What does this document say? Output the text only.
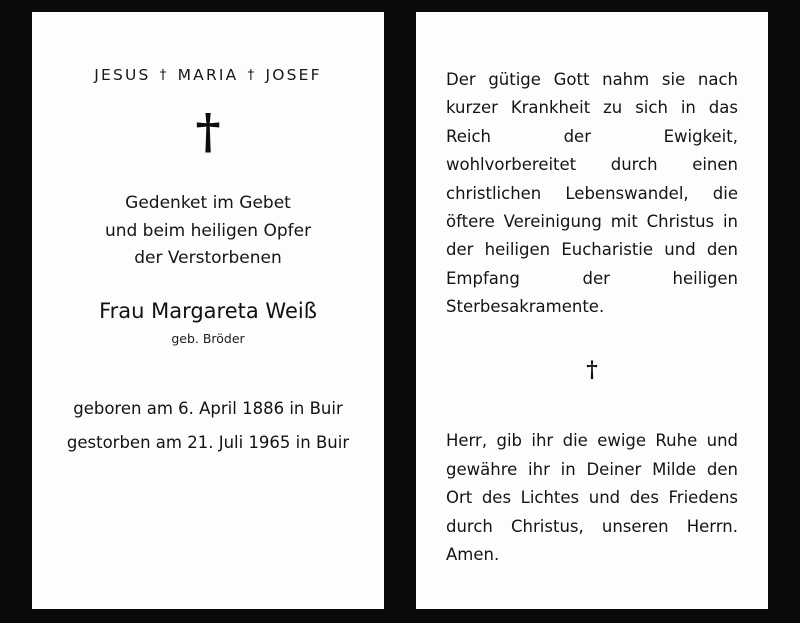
JESUS † MARIA † JOSEF
†
Gedenket im Gebet
und beim heiligen Opfer
der Verstorbenen
Frau Margareta Weiß
geb. Bröder
geboren am 6. April 1886 in Buir
gestorben am 21. Juli 1965 in Buir
Der gütige Gott nahm sie nach kurzer Krankheit zu sich in das Reich der Ewigkeit, wohlvorbereitet durch einen christlichen Lebenswandel, die öftere Vereinigung mit Christus in der heiligen Eucharistie und den Empfang der heiligen Sterbesakramente.
†
Herr, gib ihr die ewige Ruhe und gewähre ihr in Deiner Milde den Ort des Lichtes und des Friedens durch Christus, unseren Herrn. Amen.
